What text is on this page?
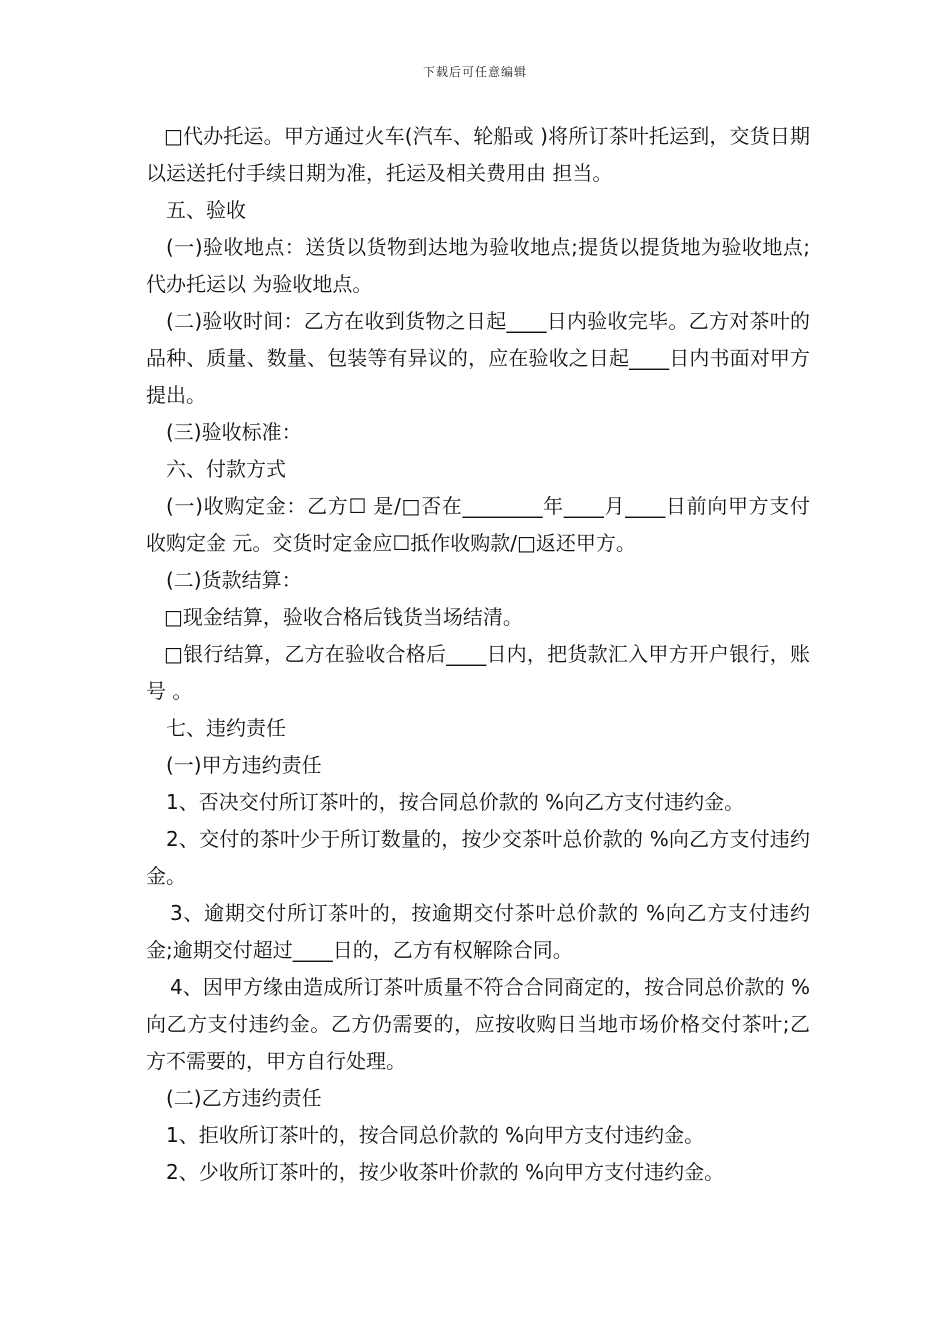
下载后可任意编辑

□代办托运。甲方通过火车(汽车、轮船或 )将所订茶叶托运到，交货日期以运送托付手续日期为准，托运及相关费用由 担当。

五、验收

(一)验收地点：送货以货物到达地为验收地点;提货以提货地为验收地点;代办托运以 为验收地点。

(二)验收时间：乙方在收到货物之日起____日内验收完毕。乙方对茶叶的品种、质量、数量、包装等有异议的，应在验收之日起____日内书面对甲方提出。

(三)验收标准：

六、付款方式

(一)收购定金：乙方☐ 是/□否在________年____月____日前向甲方支付收购定金 元。交货时定金应☐抵作收购款/□返还甲方。

(二)货款结算：

□现金结算，验收合格后钱货当场结清。

□银行结算，乙方在验收合格后____日内，把货款汇入甲方开户银行，账号 。

七、违约责任

(一)甲方违约责任

1、否决交付所订茶叶的，按合同总价款的 %向乙方支付违约金。

2、交付的茶叶少于所订数量的，按少交茶叶总价款的 %向乙方支付违约金。

3、逾期交付所订茶叶的，按逾期交付茶叶总价款的 %向乙方支付违约金;逾期交付超过____日的，乙方有权解除合同。

4、因甲方缘由造成所订茶叶质量不符合合同商定的，按合同总价款的 %向乙方支付违约金。乙方仍需要的，应按收购日当地市场价格交付茶叶;乙方不需要的，甲方自行处理。

(二)乙方违约责任

1、拒收所订茶叶的，按合同总价款的 %向甲方支付违约金。

2、少收所订茶叶的，按少收茶叶价款的 %向甲方支付违约金。
